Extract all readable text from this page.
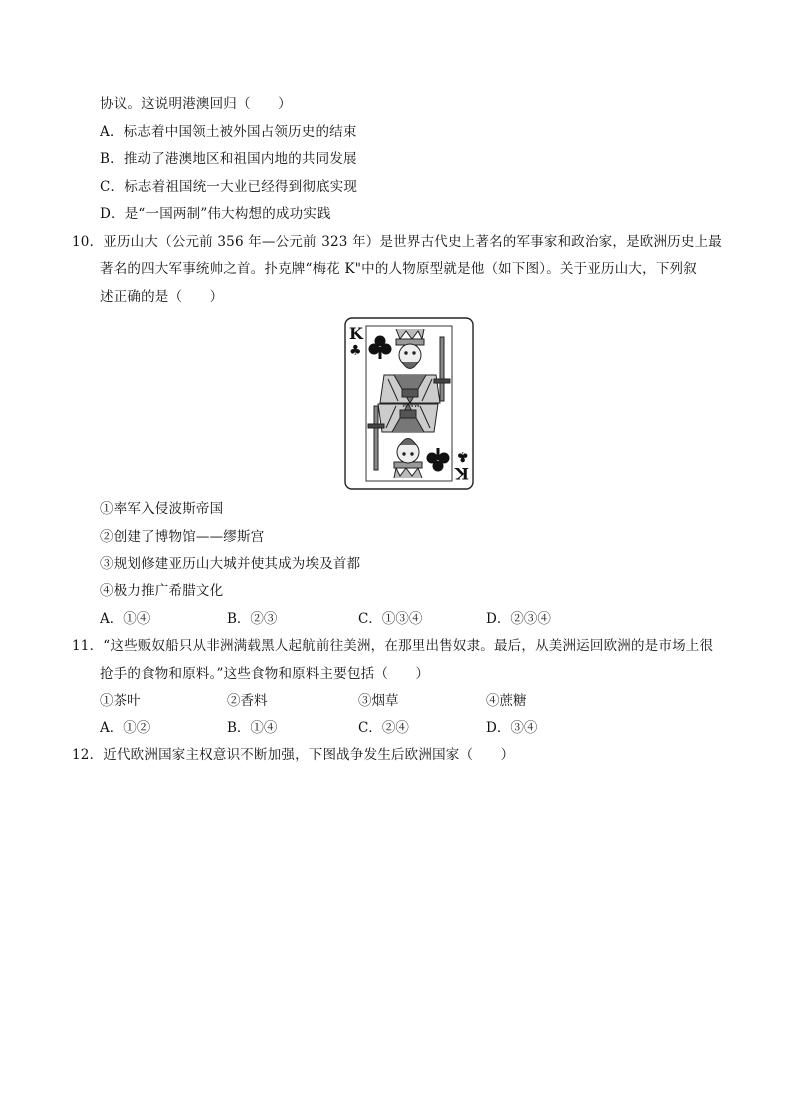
协议。这说明港澳回归（　　）
A．标志着中国领土被外国占领历史的结束
B．推动了港澳地区和祖国内地的共同发展
C．标志着祖国统一大业已经得到彻底实现
D．是“一国两制”伟大构想的成功实践
10．亚历山大（公元前 356 年—公元前 323 年）是世界古代史上著名的军事家和政治家，是欧洲历史上最
著名的四大军事统帅之首。扑克牌“梅花 K"中的人物原型就是他（如下图）。关于亚历山大，下列叙
述正确的是（　　）
K
♣
K
♣
WWW
①率军入侵波斯帝国
②创建了博物馆——缪斯宫
③规划修建亚历山大城并使其成为埃及首都
④极力推广希腊文化
A．①④	B．②③	C．①③④	D．②③④
11．“这些贩奴船只从非洲满载黑人起航前往美洲，在那里出售奴隶。最后，从美洲运回欧洲的是市场上很
抢手的食物和原料。”这些食物和原料主要包括（　　）
①茶叶	②香料	③烟草	④蔗糖
A．①②	B．①④	C．②④	D．③④
12．近代欧洲国家主权意识不断加强，下图战争发生后欧洲国家（　　）
